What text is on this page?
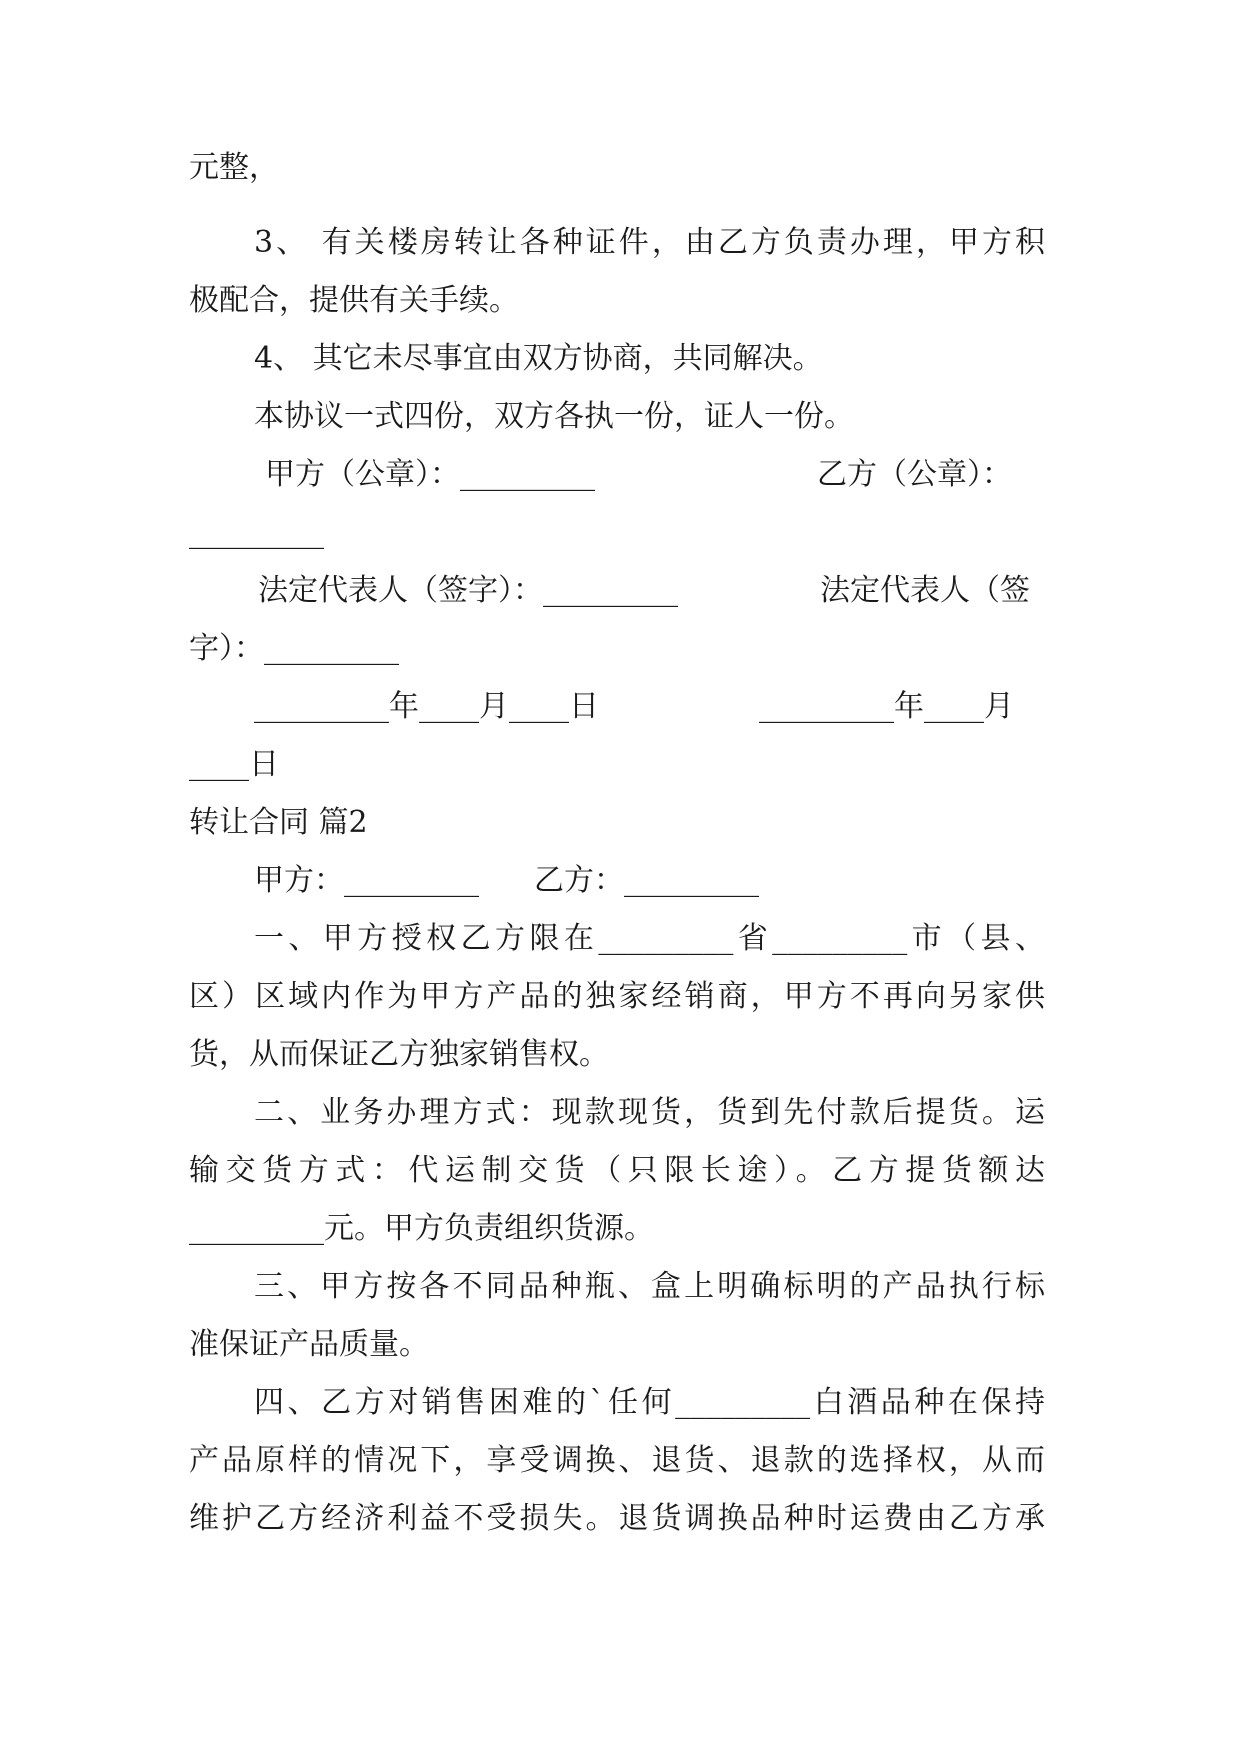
元整，
3、 有关楼房转让各种证件，由乙方负责办理，甲方积
极配合，提供有关手续。
4、 其它未尽事宜由双方协商，共同解决。
本协议一式四份，双方各执一份，证人一份。
甲方（公章）：_________	乙方（公章）：
_________
法定代表人（签字）：_________	法定代表人（签
字）：_________
_________年____月____日	_________年____月
____日
转让合同 篇2
甲方：_________ 乙方：_________
一、甲方授权乙方限在_________省_________市（县、
区）区域内作为甲方产品的独家经销商，甲方不再向另家供
货，从而保证乙方独家销售权。
二、业务办理方式：现款现货，货到先付款后提货。运
输交货方式：代运制交货（只限长途）。乙方提货额达
_________元。甲方负责组织货源。
三、甲方按各不同品种瓶、盒上明确标明的产品执行标
准保证产品质量。
四、乙方对销售困难的`任何_________白酒品种在保持
产品原样的情况下，享受调换、退货、退款的选择权，从而
维护乙方经济利益不受损失。退货调换品种时运费由乙方承
